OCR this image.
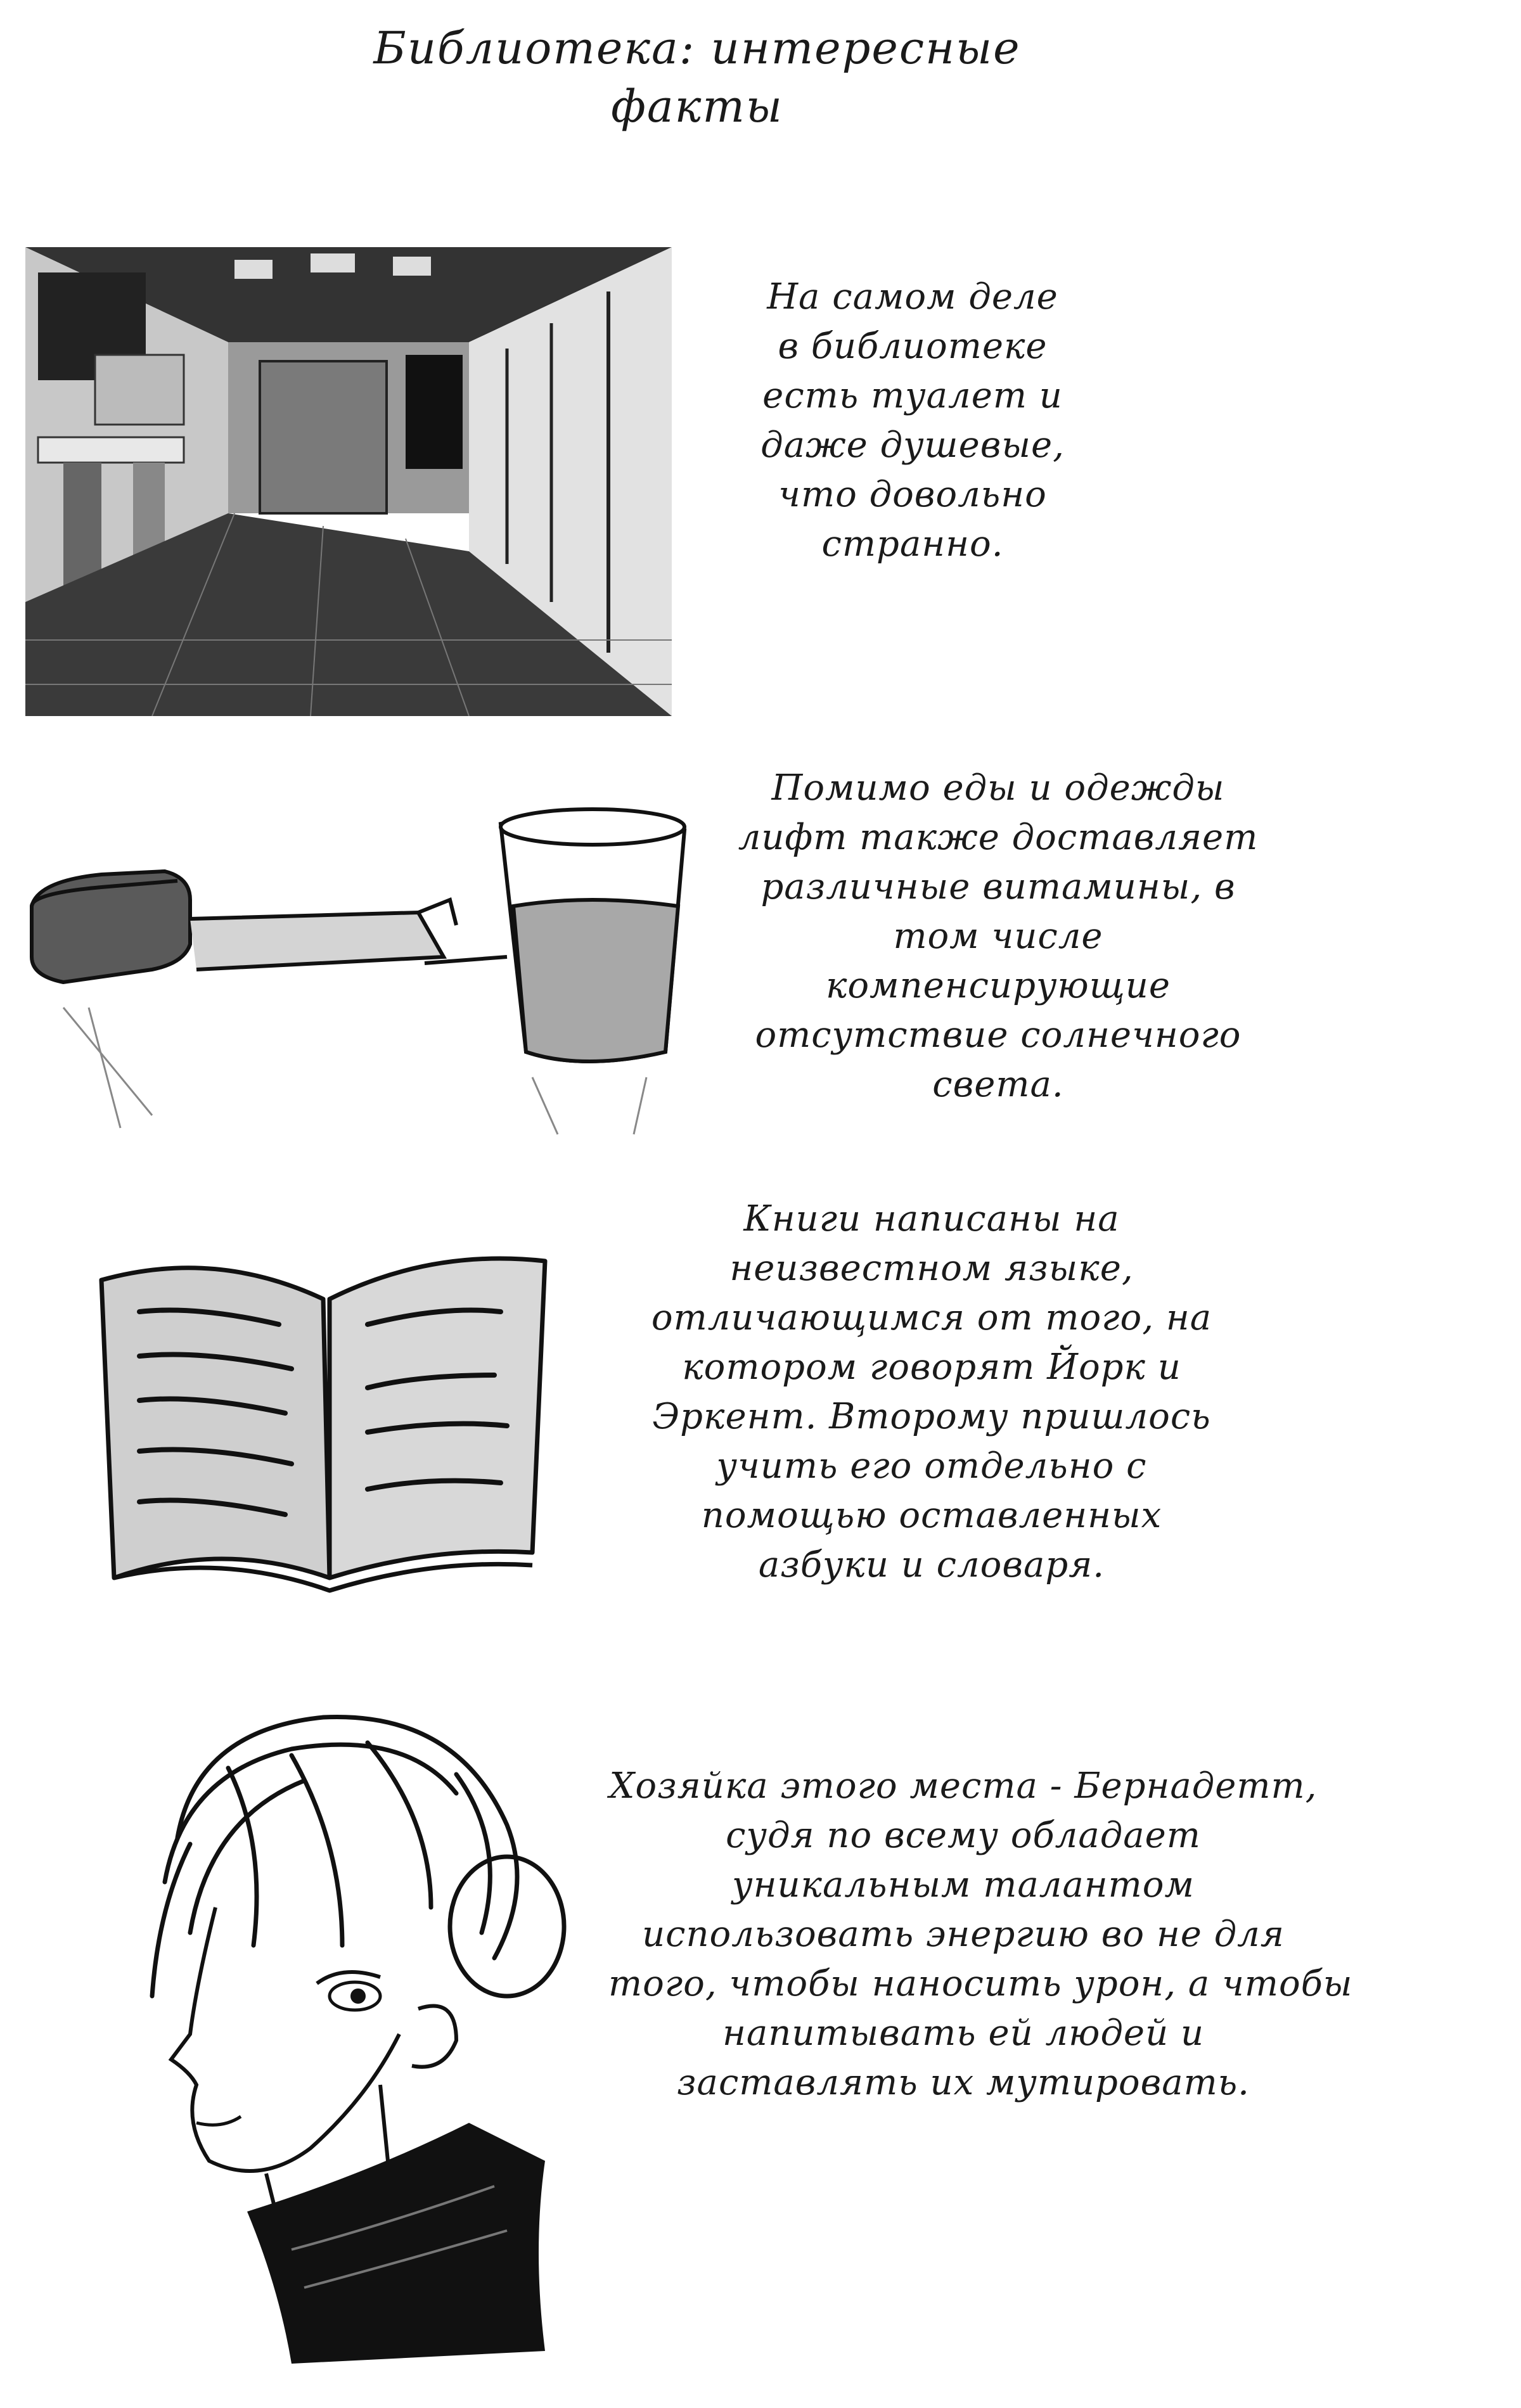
Библиотека: интересные
факты
На самом деле
в библиотеке
есть туалет и
даже душевые,
что довольно
странно.
Помимо еды и одежды
лифт также доставляет
различные витамины, в
том числе
компенсирующие
отсутствие солнечного
света.
Книги написаны на
неизвестном языке,
отличающимся от того, на
котором говорят Йорк и
Эркент. Второму пришлось
учить его отдельно с
помощью оставленных
азбуки и словаря.
Хозяйка этого места - Бернадетт,
судя по всему обладает
уникальным талантом
использовать энергию во не для
того, чтобы наносить урон, а чтобы
напитывать ей людей и
заставлять их мутировать.
